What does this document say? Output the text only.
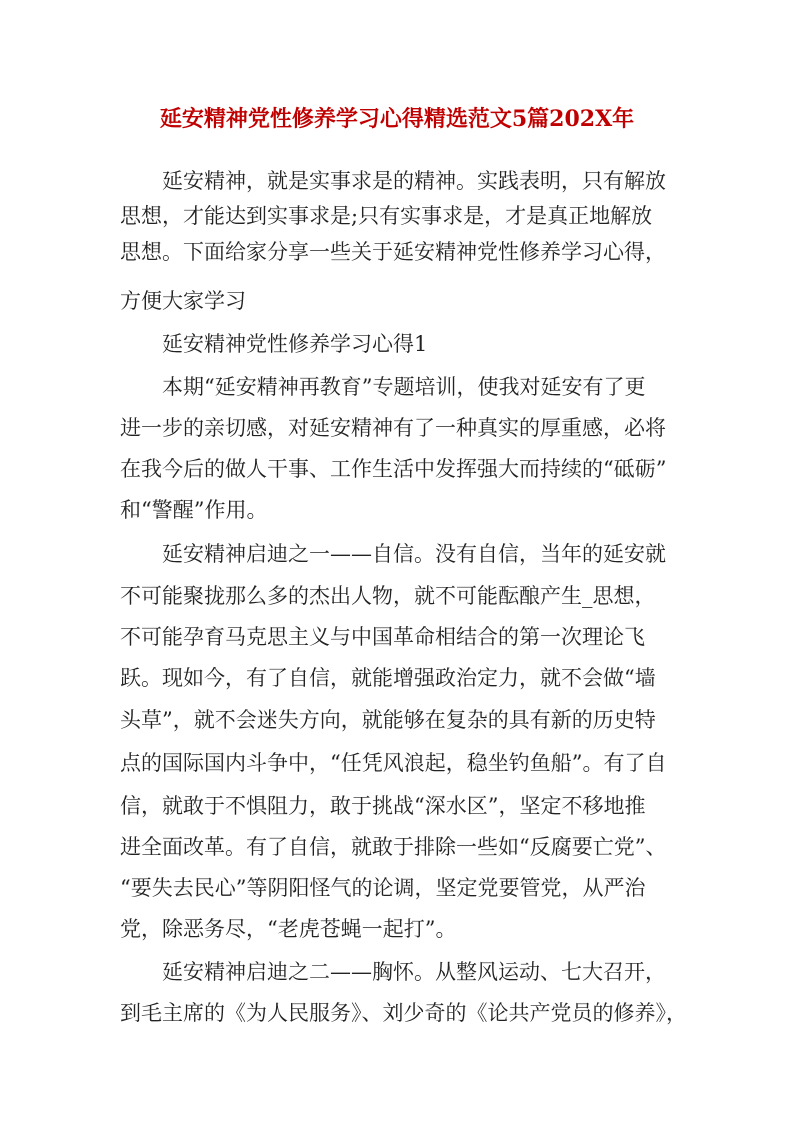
延安精神党性修养学习心得精选范文5篇202X年
延安精神，就是实事求是的精神。实践表明，只有解放
思想，才能达到实事求是;只有实事求是，才是真正地解放
思想。下面给家分享一些关于延安精神党性修养学习心得，
方便大家学习
延安精神党性修养学习心得1
本期“延安精神再教育”专题培训，使我对延安有了更
进一步的亲切感，对延安精神有了一种真实的厚重感，必将
在我今后的做人干事、工作生活中发挥强大而持续的“砥砺”
和“警醒”作用。
延安精神启迪之一——自信。没有自信，当年的延安就
不可能聚拢那么多的杰出人物，就不可能酝酿产生_思想，
不可能孕育马克思主义与中国革命相结合的第一次理论飞
跃。现如今，有了自信，就能增强政治定力，就不会做“墙
头草”，就不会迷失方向，就能够在复杂的具有新的历史特
点的国际国内斗争中，“任凭风浪起，稳坐钓鱼船”。有了自
信，就敢于不惧阻力，敢于挑战“深水区”，坚定不移地推
进全面改革。有了自信，就敢于排除一些如“反腐要亡党”、
“要失去民心”等阴阳怪气的论调，坚定党要管党，从严治
党，除恶务尽，“老虎苍蝇一起打”。
延安精神启迪之二——胸怀。从整风运动、七大召开，
到毛主席的《为人民服务》、刘少奇的《论共产党员的修养》，
